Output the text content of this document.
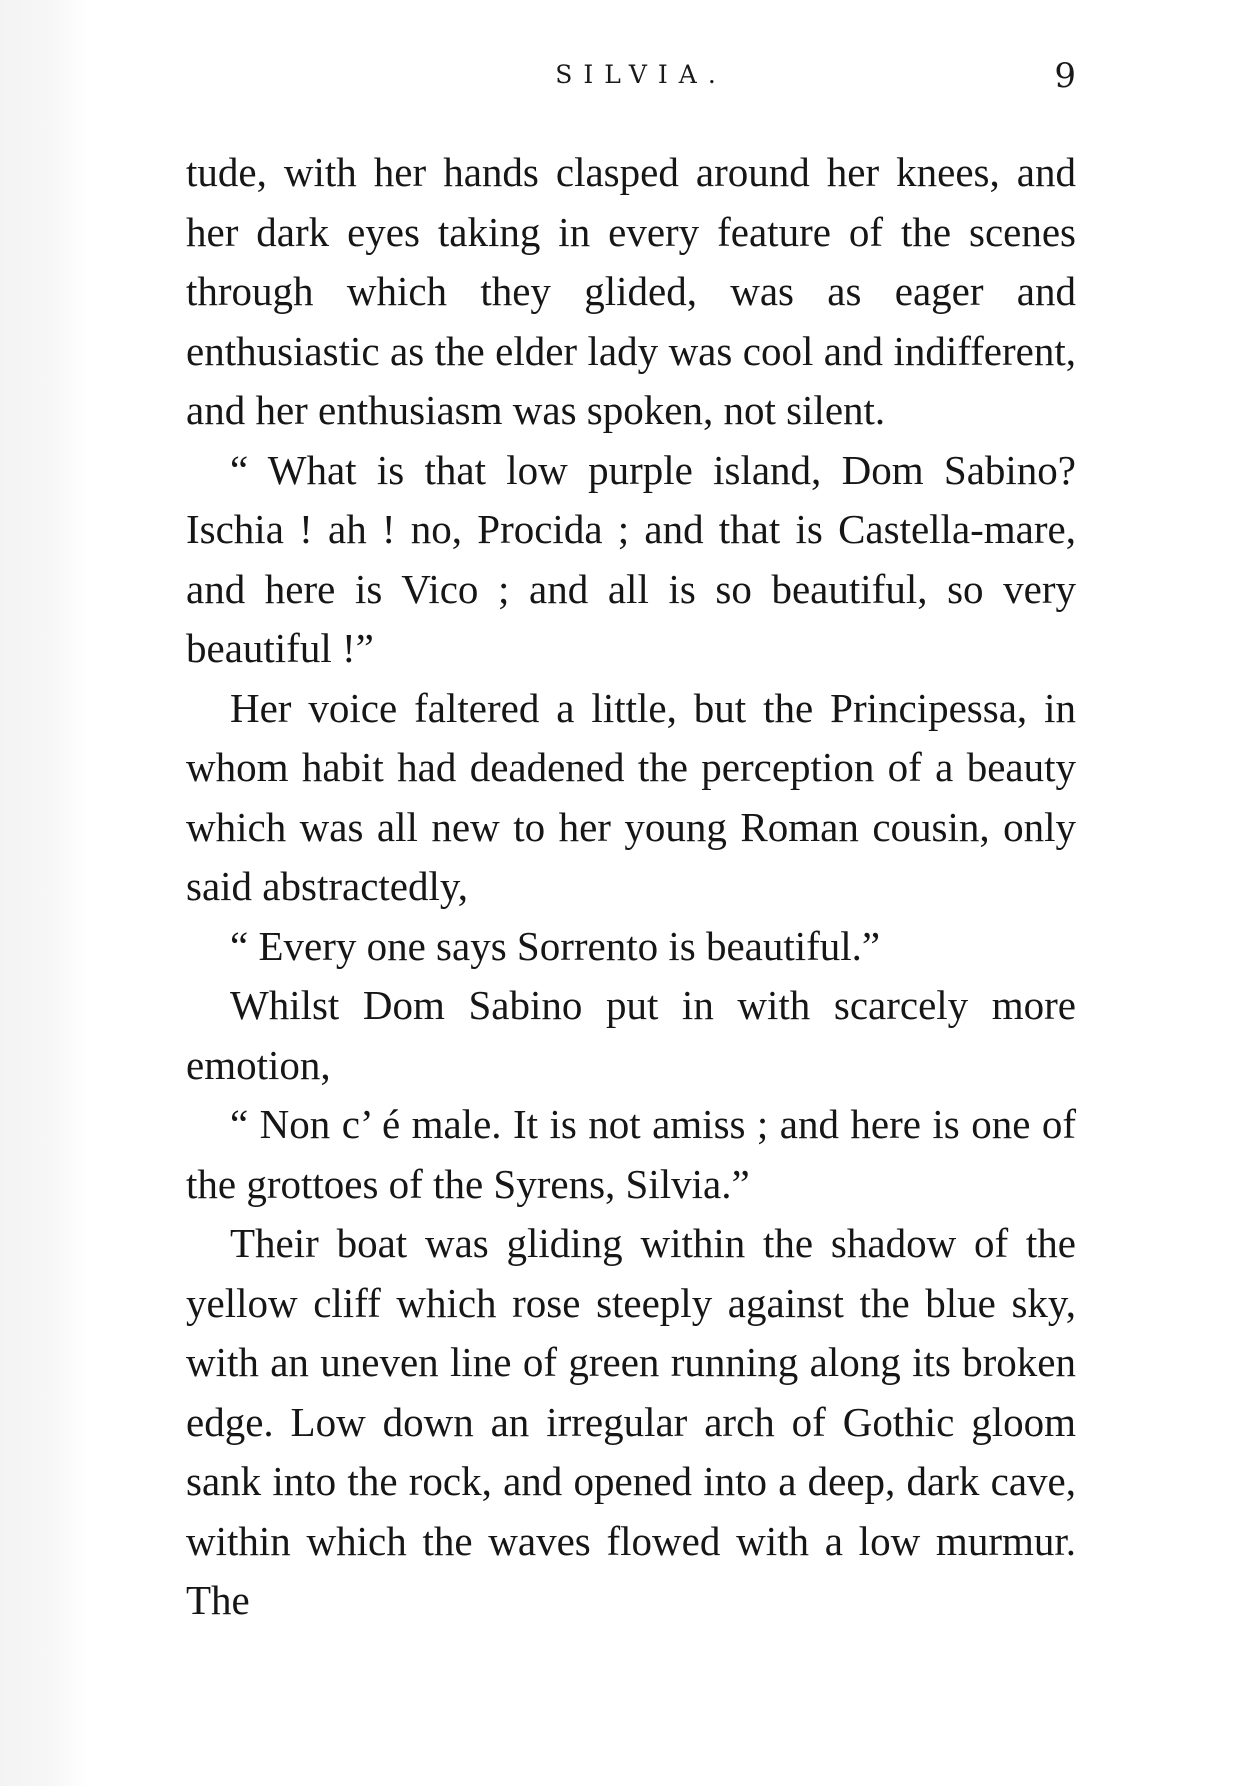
SILVIA.	9

tude, with her hands clasped around her knees, and her dark eyes taking in every feature of the scenes through which they glided, was as eager and enthusiastic as the elder lady was cool and indifferent, and her enthusiasm was spoken, not silent.

“ What is that low purple island, Dom Sabino? Ischia ! ah ! no, Procida ; and that is Castella-mare, and here is Vico ; and all is so beautiful, so very beautiful !”

Her voice faltered a little, but the Principessa, in whom habit had deadened the perception of a beauty which was all new to her young Roman cousin, only said abstractedly,

“ Every one says Sorrento is beautiful.”

Whilst Dom Sabino put in with scarcely more emotion,

“ Non c’ é male. It is not amiss ; and here is one of the grottoes of the Syrens, Silvia.”

Their boat was gliding within the shadow of the yellow cliff which rose steeply against the blue sky, with an uneven line of green running along its broken edge. Low down an irregular arch of Gothic gloom sank into the rock, and opened into a deep, dark cave, within which the waves flowed with a low murmur. The
